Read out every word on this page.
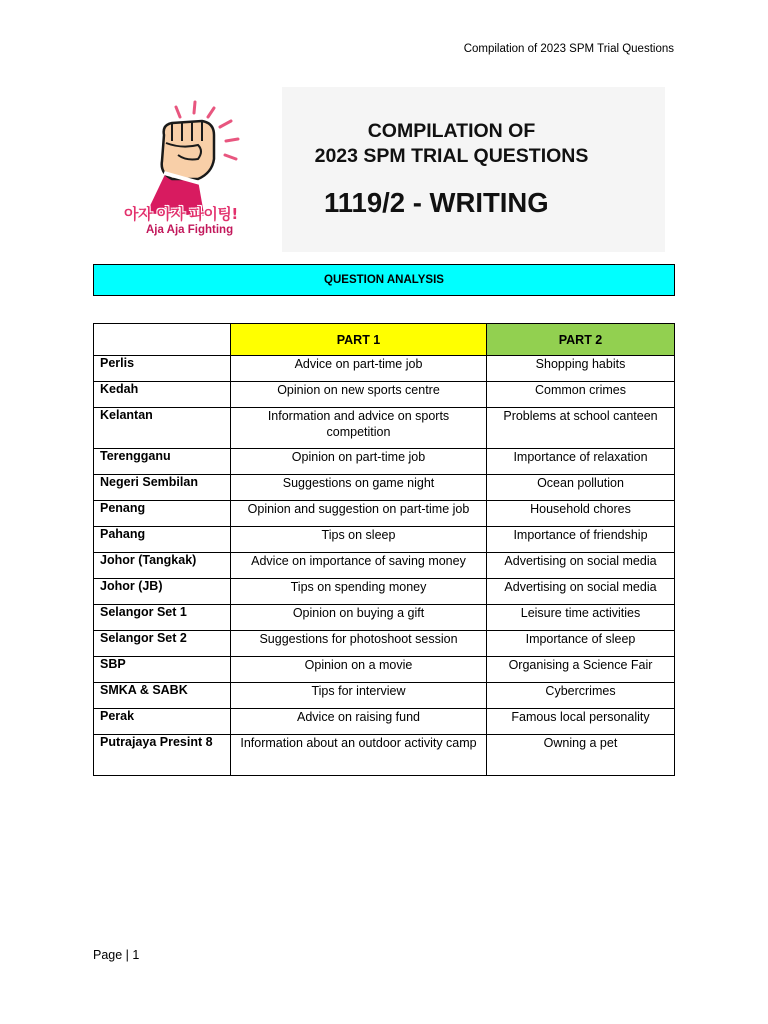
Compilation of 2023 SPM Trial Questions
아자 아자 파이팅!
Aja Aja Fighting
COMPILATION OF
2023 SPM TRIAL QUESTIONS
1119/2 - WRITING
QUESTION ANALYSIS
	PART 1	PART 2
Perlis	Advice on part-time job	Shopping habits
Kedah	Opinion on new sports centre	Common crimes
Kelantan	Information and advice on sports competition	Problems at school canteen
Terengganu	Opinion on part-time job	Importance of relaxation
Negeri Sembilan	Suggestions on game night	Ocean pollution
Penang	Opinion and suggestion on part-time job	Household chores
Pahang	Tips on sleep	Importance of friendship
Johor (Tangkak)	Advice on importance of saving money	Advertising on social media
Johor (JB)	Tips on spending money	Advertising on social media
Selangor Set 1	Opinion on buying a gift	Leisure time activities
Selangor Set 2	Suggestions for photoshoot session	Importance of sleep
SBP	Opinion on a movie	Organising a Science Fair
SMKA & SABK	Tips for interview	Cybercrimes
Perak	Advice on raising fund	Famous local personality
Putrajaya Presint 8	Information about an outdoor activity camp	Owning a pet
Page | 1
